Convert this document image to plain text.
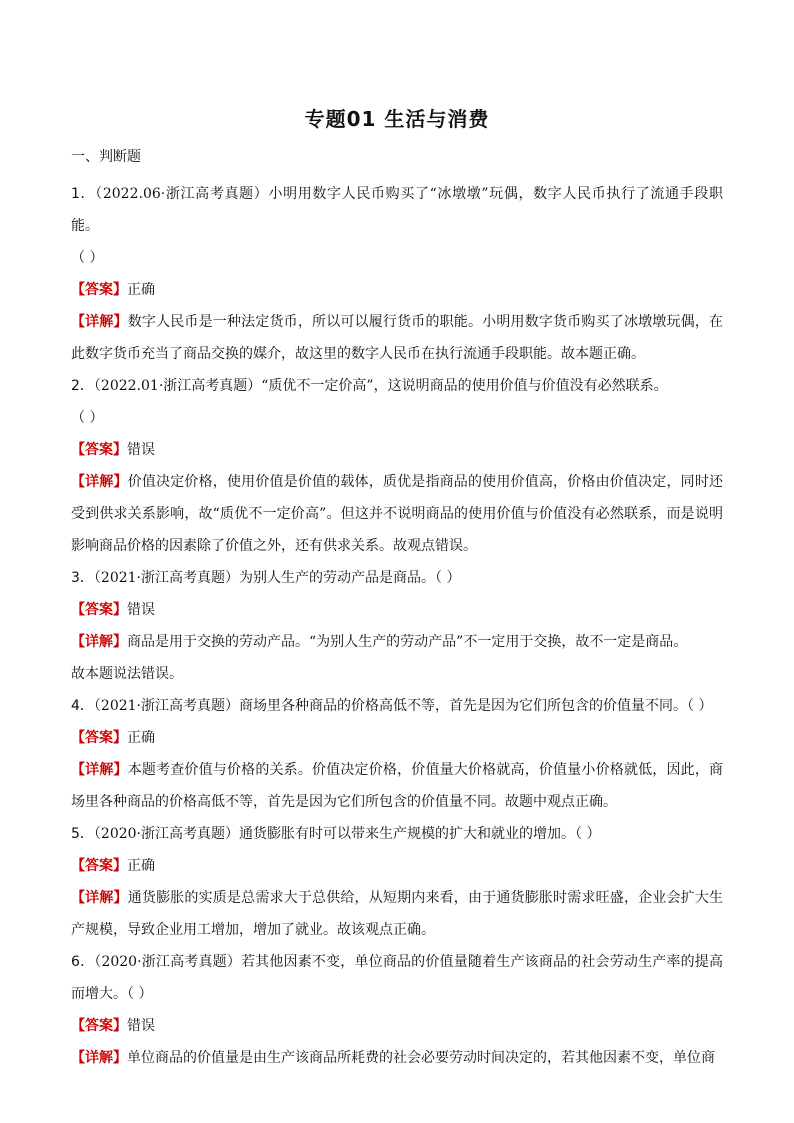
专题01 生活与消费
一、判断题
1．（2022.06·浙江高考真题）小明用数字人民币购买了“冰墩墩”玩偶，数字人民币执行了流通手段职能。
（ ）
【答案】正确
【详解】数字人民币是一种法定货币，所以可以履行货币的职能。小明用数字货币购买了冰墩墩玩偶，在此数字货币充当了商品交换的媒介，故这里的数字人民币在执行流通手段职能。故本题正确。
2．（2022.01·浙江高考真题）“质优不一定价高”，这说明商品的使用价值与价值没有必然联系。
（ ）
【答案】错误
【详解】价值决定价格，使用价值是价值的载体，质优是指商品的使用价值高，价格由价值决定，同时还受到供求关系影响，故“质优不一定价高”。但这并不说明商品的使用价值与价值没有必然联系，而是说明影响商品价格的因素除了价值之外，还有供求关系。故观点错误。
3．（2021·浙江高考真题）为别人生产的劳动产品是商品。（ ）
【答案】错误
【详解】商品是用于交换的劳动产品。“为别人生产的劳动产品”不一定用于交换，故不一定是商品。
故本题说法错误。
4．（2021·浙江高考真题）商场里各种商品的价格高低不等，首先是因为它们所包含的价值量不同。（ ）
【答案】正确
【详解】本题考查价值与价格的关系。价值决定价格，价值量大价格就高，价值量小价格就低，因此，商场里各种商品的价格高低不等，首先是因为它们所包含的价值量不同。故题中观点正确。
5．（2020·浙江高考真题）通货膨胀有时可以带来生产规模的扩大和就业的增加。（ ）
【答案】正确
【详解】通货膨胀的实质是总需求大于总供给，从短期内来看，由于通货膨胀时需求旺盛，企业会扩大生产规模，导致企业用工增加，增加了就业。故该观点正确。
6．（2020·浙江高考真题）若其他因素不变，单位商品的价值量随着生产该商品的社会劳动生产率的提高而增大。（ ）
【答案】错误
【详解】单位商品的价值量是由生产该商品所耗费的社会必要劳动时间决定的，若其他因素不变，单位商
